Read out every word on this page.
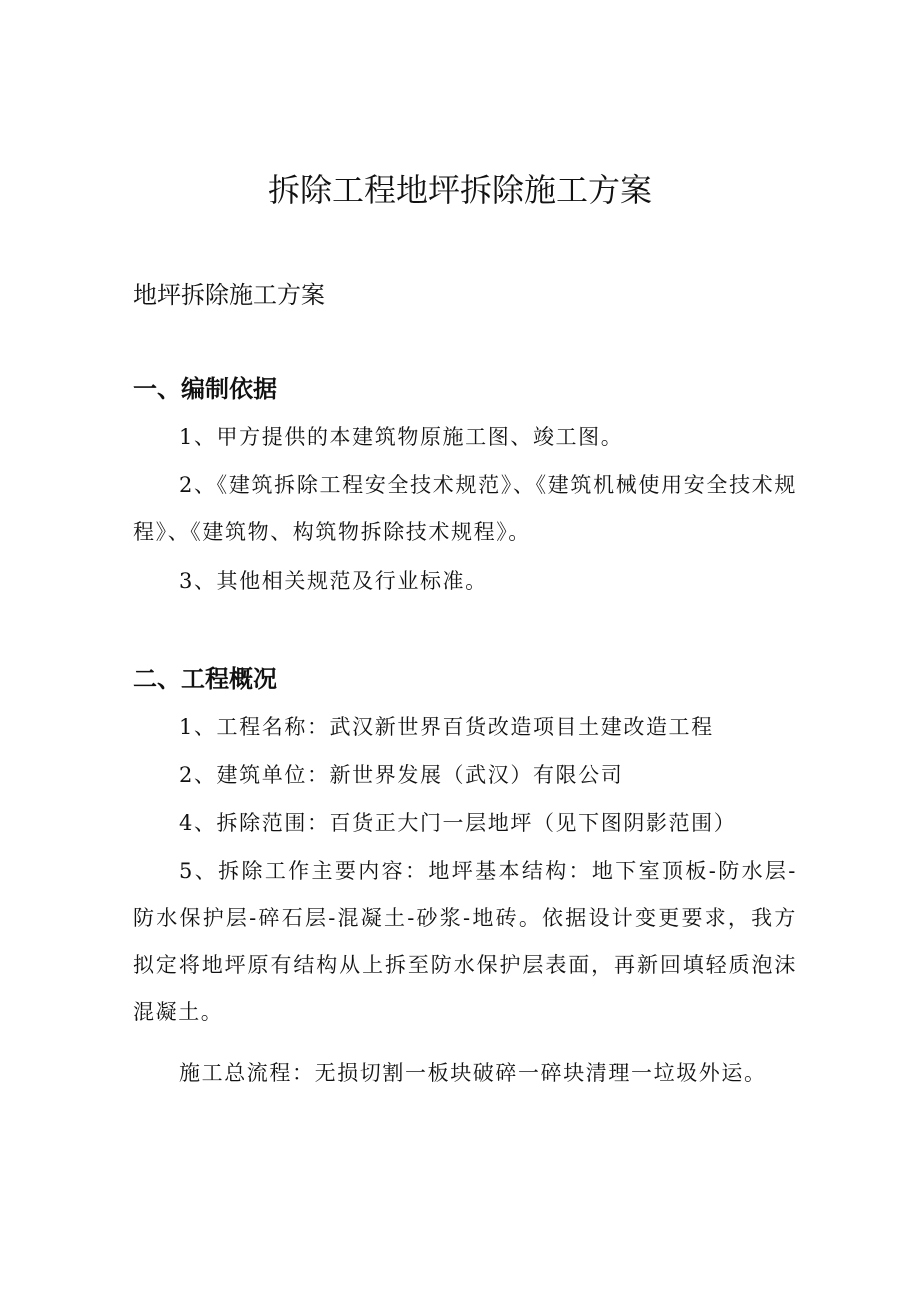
拆除工程地坪拆除施工方案
地坪拆除施工方案
一、编制依据

1、甲方提供的本建筑物原施工图、竣工图。

2、《建筑拆除工程安全技术规范》、《建筑机械使用安全技术规程》、《建筑物、构筑物拆除技术规程》。

3、其他相关规范及行业标准。

二、工程概况

1、工程名称：武汉新世界百货改造项目土建改造工程

2、建筑单位：新世界发展（武汉）有限公司

4、拆除范围：百货正大门一层地坪（见下图阴影范围）

5、拆除工作主要内容：地坪基本结构：地下室顶板-防水层-防水保护层-碎石层-混凝土-砂浆-地砖。依据设计变更要求，我方拟定将地坪原有结构从上拆至防水保护层表面，再新回填轻质泡沫混凝土。

施工总流程：无损切割一板块破碎一碎块清理一垃圾外运。
